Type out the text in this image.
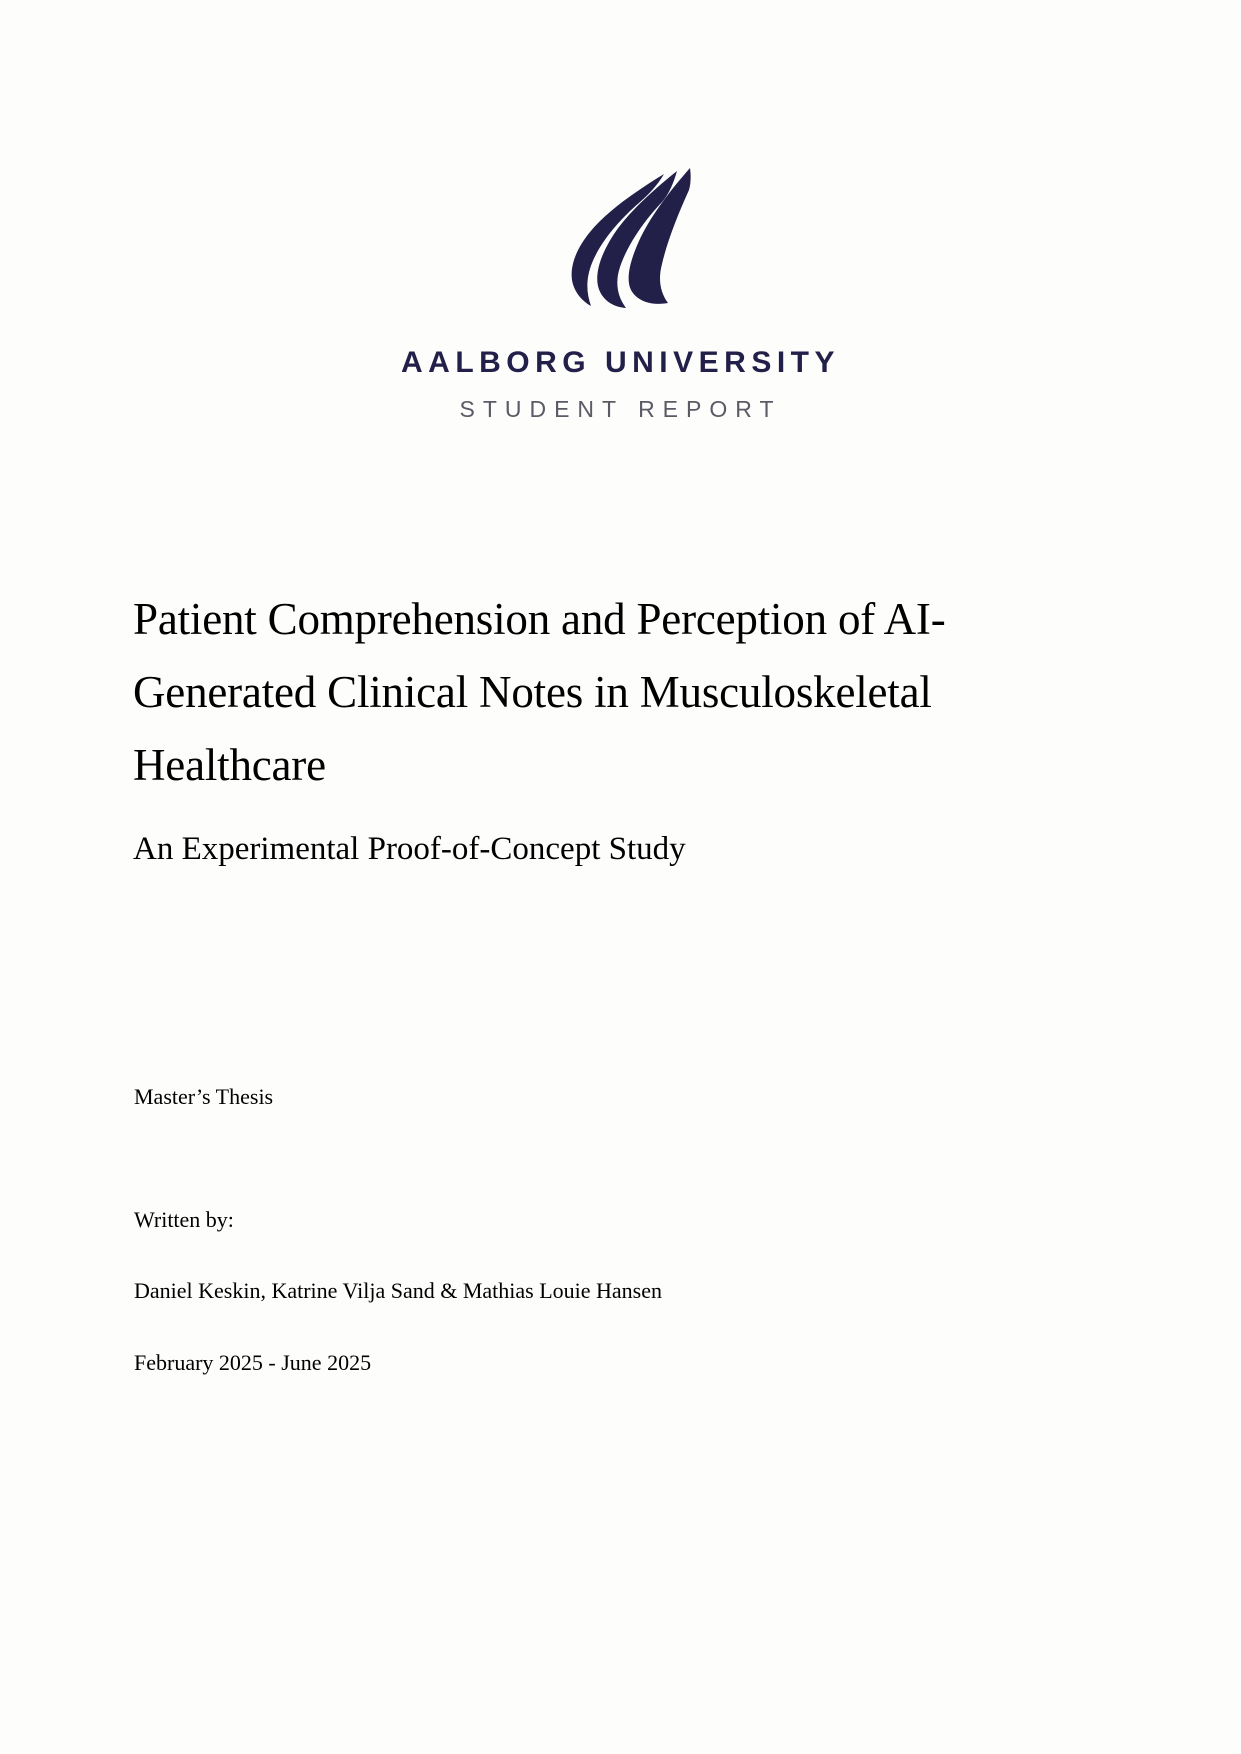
AALBORG UNIVERSITY
STUDENT REPORT
Patient Comprehension and Perception of AI-Generated Clinical Notes in Musculoskeletal Healthcare
An Experimental Proof-of-Concept Study

Master’s Thesis

Written by:

Daniel Keskin, Katrine Vilja Sand & Mathias Louie Hansen

February 2025 - June 2025
